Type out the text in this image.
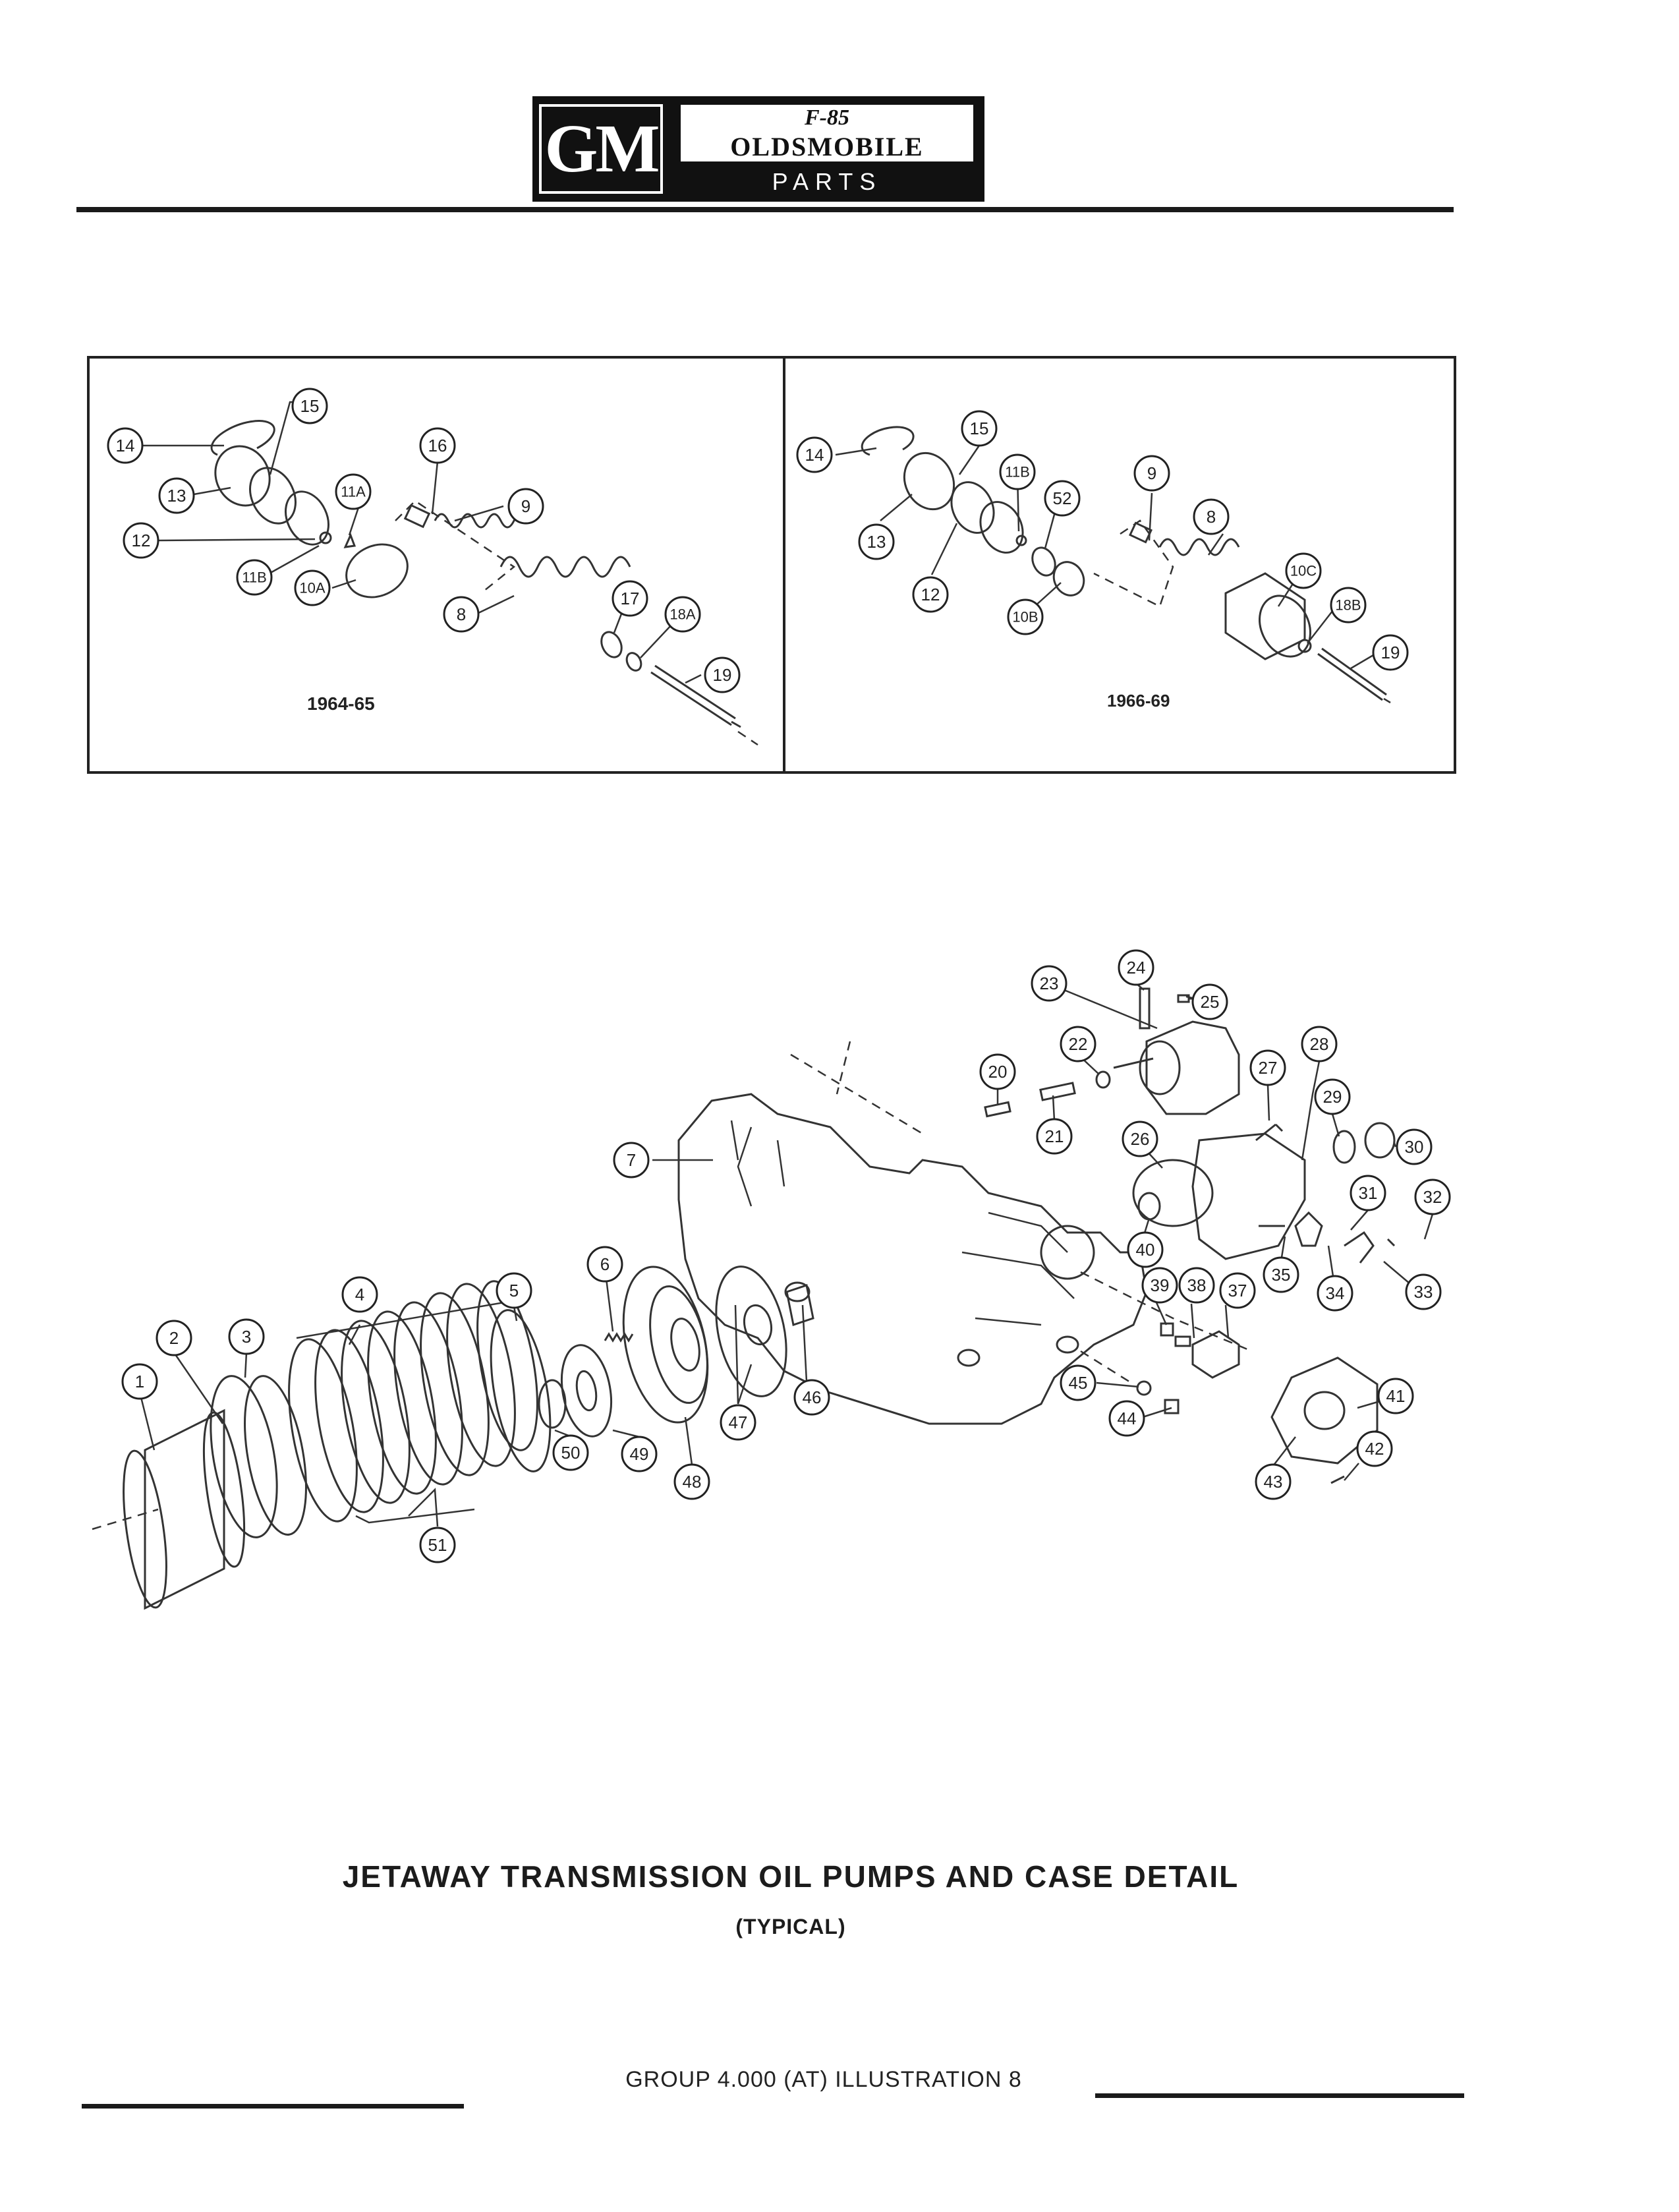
GM	F-85
OLDSMOBILE
PARTS
14
15
13	11A
12
11B
10A
16
9
8
17
18A
19
14
15
11B
52
13
12
10B
9
8
10C
18B
19
1
2	3
4	5
6
7
20
21
22
23
24
25
26
27
28
29
30
31	32
33
34
35
37
38
39
40
41
42
43
44
45
46
47
48
49
50
51
1964-65	1966-69
JETAWAY TRANSMISSION OIL PUMPS AND CASE DETAIL
(TYPICAL)
GROUP 4.000 (AT) ILLUSTRATION 8
